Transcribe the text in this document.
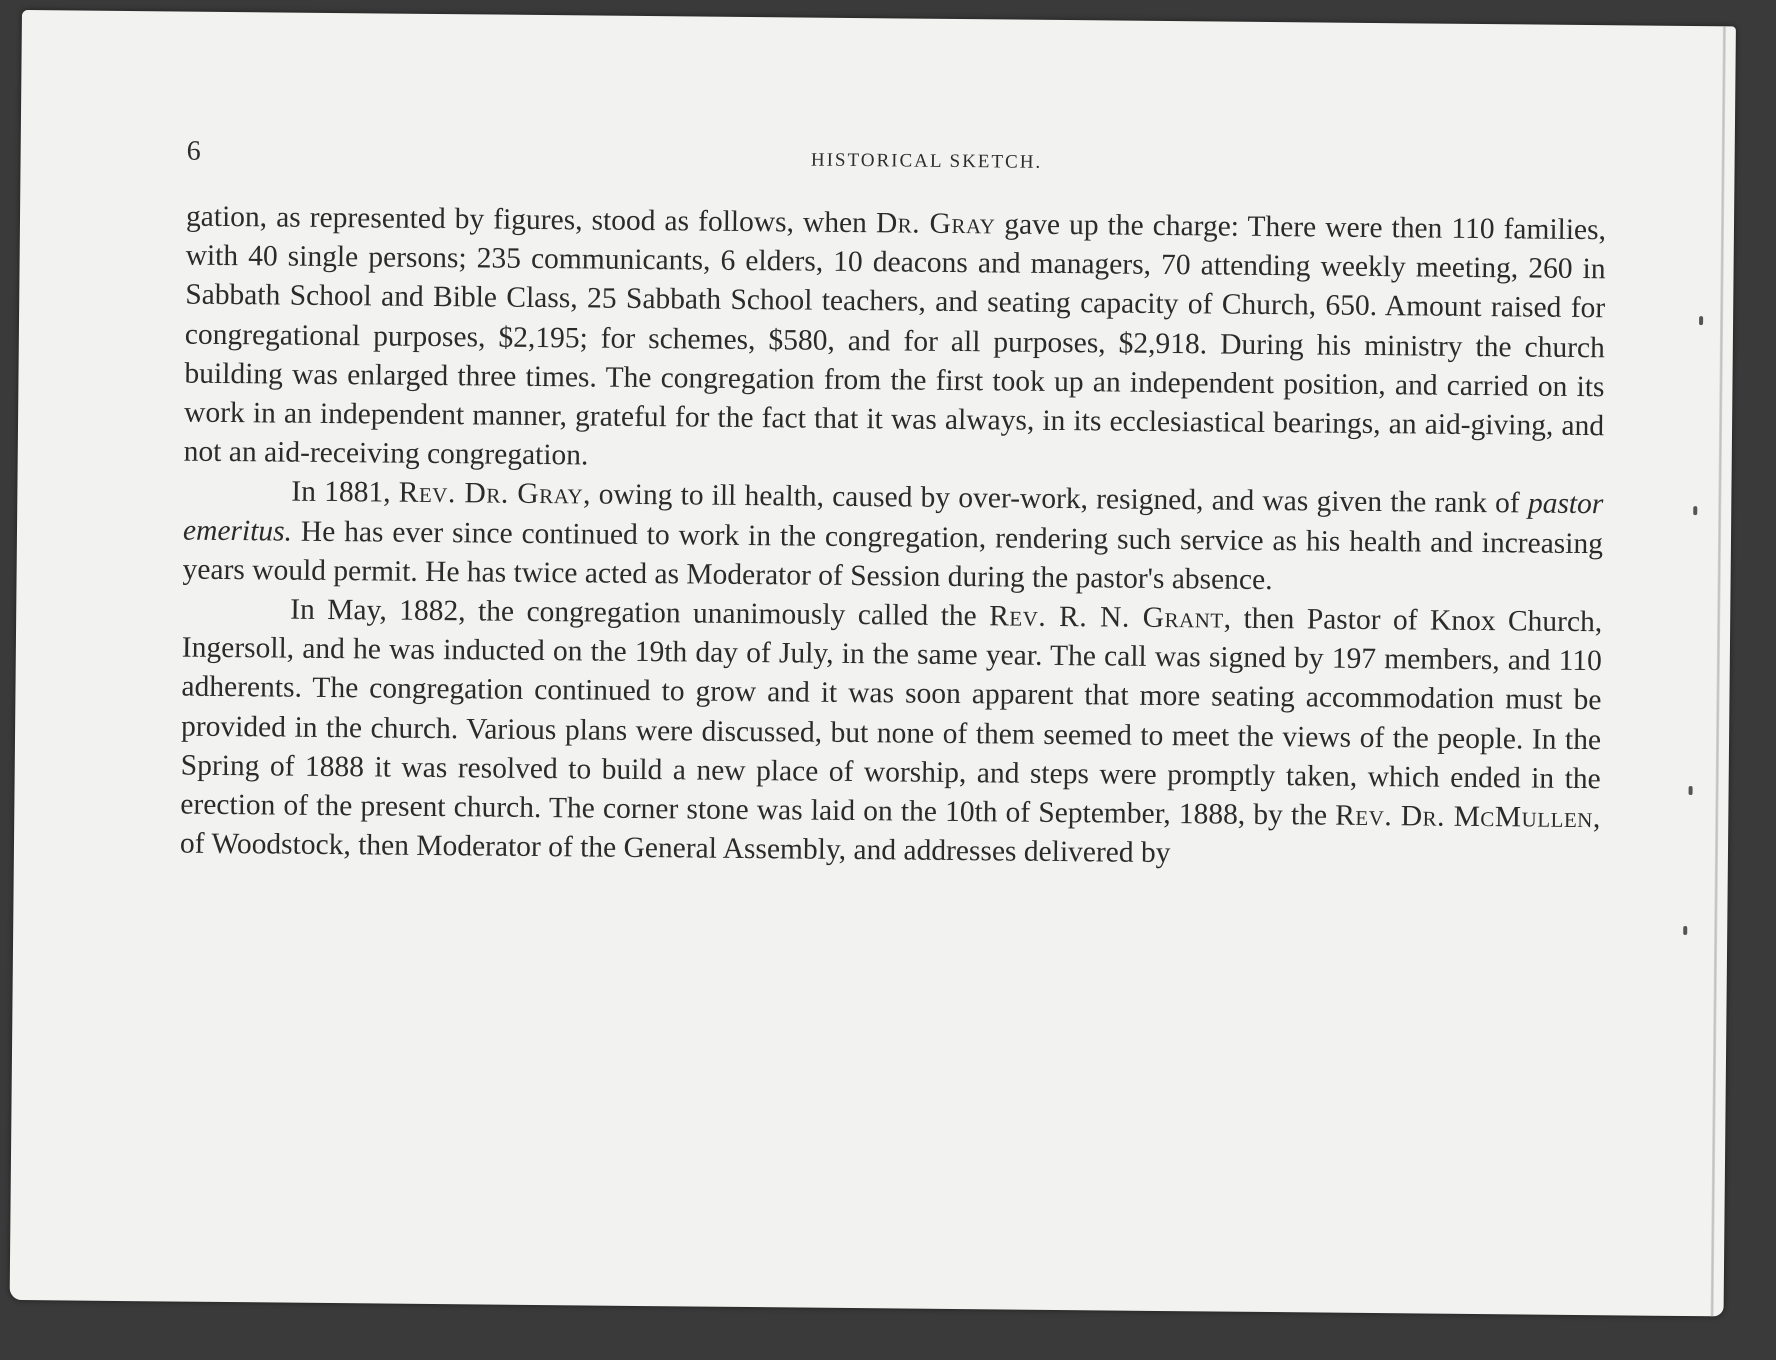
6	HISTORICAL SKETCH.

gation, as represented by figures, stood as follows, when Dr. Gray gave up the charge: There were then 110 families, with 40 single persons; 235 communicants, 6 elders, 10 deacons and managers, 70 attending weekly meeting, 260 in Sabbath School and Bible Class, 25 Sabbath School teachers, and seating capacity of Church, 650. Amount raised for congregational purposes, $2,195; for schemes, $580, and for all purposes, $2,918. During his ministry the church building was enlarged three times. The congregation from the first took up an independent position, and carried on its work in an independent manner, grateful for the fact that it was always, in its ecclesiastical bearings, an aid-giving, and not an aid-receiving congregation.

In 1881, Rev. Dr. Gray, owing to ill health, caused by over-work, resigned, and was given the rank of pastor emeritus. He has ever since continued to work in the congregation, rendering such service as his health and increasing years would permit. He has twice acted as Moderator of Session during the pastor's absence.

In May, 1882, the congregation unanimously called the Rev. R. N. Grant, then Pastor of Knox Church, Ingersoll, and he was inducted on the 19th day of July, in the same year. The call was signed by 197 members, and 110 adherents. The congregation continued to grow and it was soon apparent that more seating accommodation must be provided in the church. Various plans were discussed, but none of them seemed to meet the views of the people. In the Spring of 1888 it was resolved to build a new place of worship, and steps were promptly taken, which ended in the erection of the present church. The corner stone was laid on the 10th of September, 1888, by the Rev. Dr. McMullen, of Woodstock, then Moderator of the General Assembly, and addresses delivered by
